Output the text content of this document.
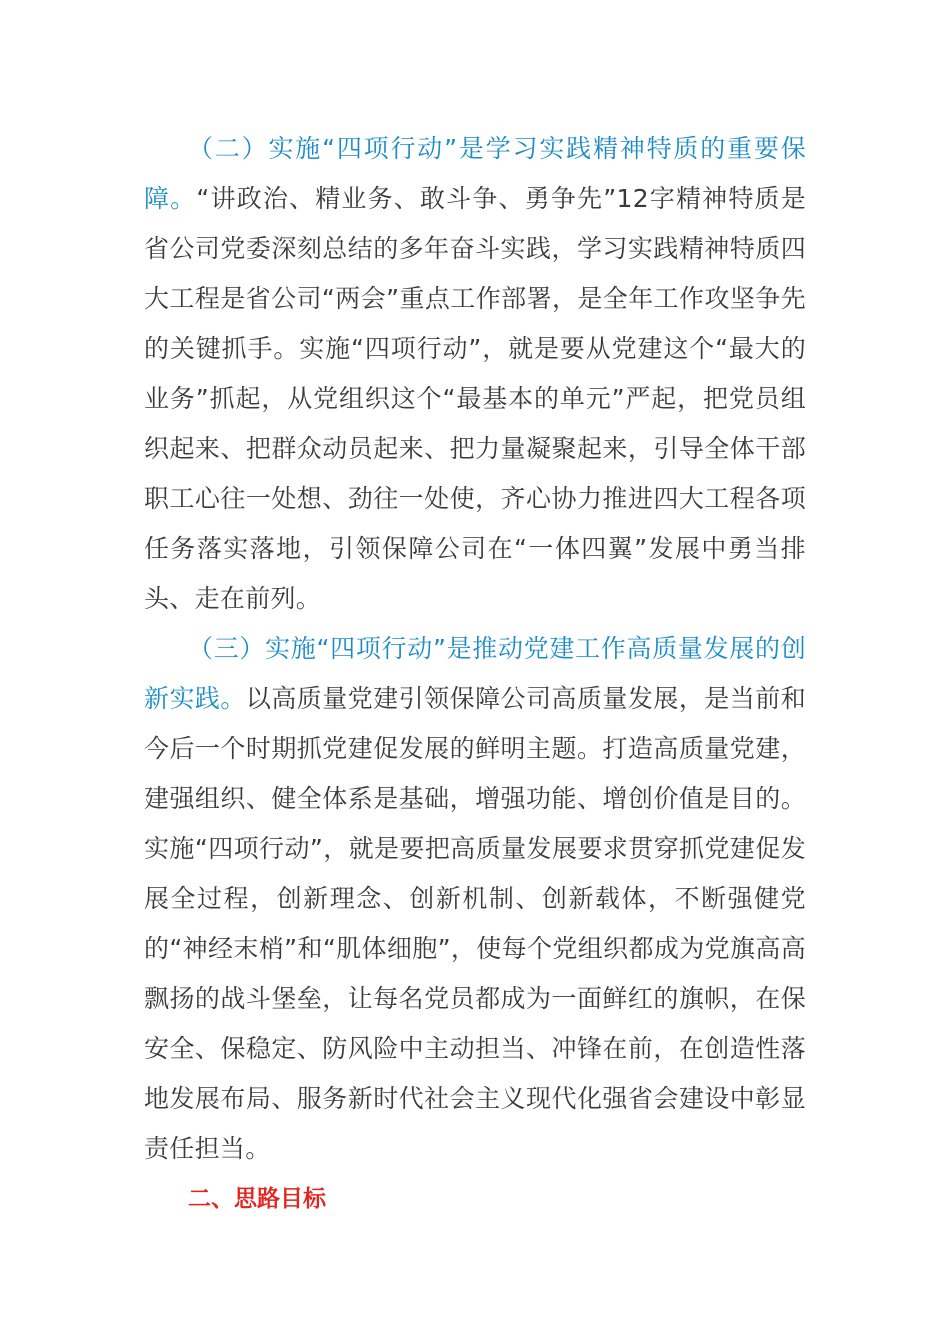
（二）实施“四项行动”是学习实践精神特质的重要保障。“讲政治、精业务、敢斗争、勇争先”12字精神特质是省公司党委深刻总结的多年奋斗实践，学习实践精神特质四大工程是省公司“两会”重点工作部署，是全年工作攻坚争先的关键抓手。实施“四项行动”，就是要从党建这个“最大的业务”抓起，从党组织这个“最基本的单元”严起，把党员组织起来、把群众动员起来、把力量凝聚起来，引导全体干部职工心往一处想、劲往一处使，齐心协力推进四大工程各项任务落实落地，引领保障公司在“一体四翼”发展中勇当排头、走在前列。

（三）实施“四项行动”是推动党建工作高质量发展的创新实践。以高质量党建引领保障公司高质量发展，是当前和今后一个时期抓党建促发展的鲜明主题。打造高质量党建，建强组织、健全体系是基础，增强功能、增创价值是目的。实施“四项行动”，就是要把高质量发展要求贯穿抓党建促发展全过程，创新理念、创新机制、创新载体，不断强健党的“神经末梢”和“肌体细胞”，使每个党组织都成为党旗高高飘扬的战斗堡垒，让每名党员都成为一面鲜红的旗帜，在保安全、保稳定、防风险中主动担当、冲锋在前，在创造性落地发展布局、服务新时代社会主义现代化强省会建设中彰显责任担当。

二、思路目标
